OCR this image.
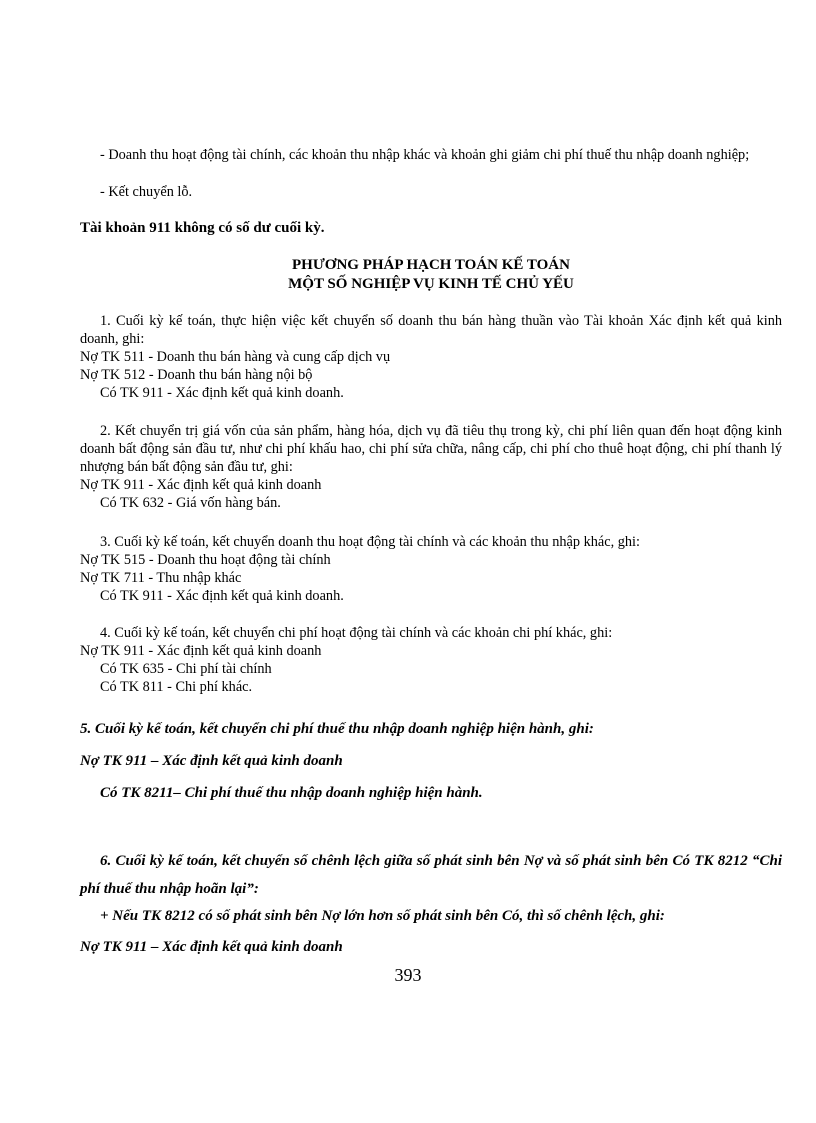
- Doanh thu hoạt động tài chính, các khoản thu nhập khác và khoản ghi giảm chi phí thuế thu nhập doanh nghiệp;

- Kết chuyển lỗ.

Tài khoản 911 không có số dư cuối kỳ.

PHƯƠNG PHÁP HẠCH TOÁN KẾ TOÁN
MỘT SỐ NGHIỆP VỤ KINH TẾ CHỦ YẾU

1. Cuối kỳ kế toán, thực hiện việc kết chuyển số doanh thu bán hàng thuần vào Tài khoản Xác định kết quả kinh doanh, ghi:

Nợ TK 511 - Doanh thu bán hàng và cung cấp dịch vụ

Nợ TK 512 - Doanh thu bán hàng nội bộ

Có TK 911 - Xác định kết quả kinh doanh.

2. Kết chuyển trị giá vốn của sản phẩm, hàng hóa, dịch vụ đã tiêu thụ trong kỳ, chi phí liên quan đến hoạt động kinh doanh bất động sản đầu tư, như chi phí khấu hao, chi phí sửa chữa, nâng cấp, chi phí cho thuê hoạt động, chi phí thanh lý nhượng bán bất động sản đầu tư, ghi:

Nợ TK 911 - Xác định kết quả kinh doanh

Có TK 632 - Giá vốn hàng bán.

3. Cuối kỳ kế toán, kết chuyển doanh thu hoạt động tài chính và các khoản thu nhập khác, ghi:

Nợ TK 515 - Doanh thu hoạt động tài chính

Nợ TK 711 - Thu nhập khác

Có TK 911 - Xác định kết quả kinh doanh.

4. Cuối kỳ kế toán, kết chuyển chi phí hoạt động tài chính và các khoản chi phí khác, ghi:

Nợ TK 911 - Xác định kết quả kinh doanh

Có TK 635 - Chi phí tài chính

Có TK 811 - Chi phí khác.

5. Cuối kỳ kế toán, kết chuyển chi phí thuế thu nhập doanh nghiệp hiện hành, ghi:

Nợ TK 911 – Xác định kết quả kinh doanh

Có TK 8211– Chi phí thuế thu nhập doanh nghiệp hiện hành.

6. Cuối kỳ kế toán, kết chuyển số chênh lệch giữa số phát sinh bên Nợ và số phát sinh bên Có TK 8212 “Chi phí thuế thu nhập hoãn lại”:

+ Nếu TK 8212 có số phát sinh bên Nợ lớn hơn số phát sinh bên Có, thì số chênh lệch, ghi:

Nợ TK 911 – Xác định kết quả kinh doanh

393
